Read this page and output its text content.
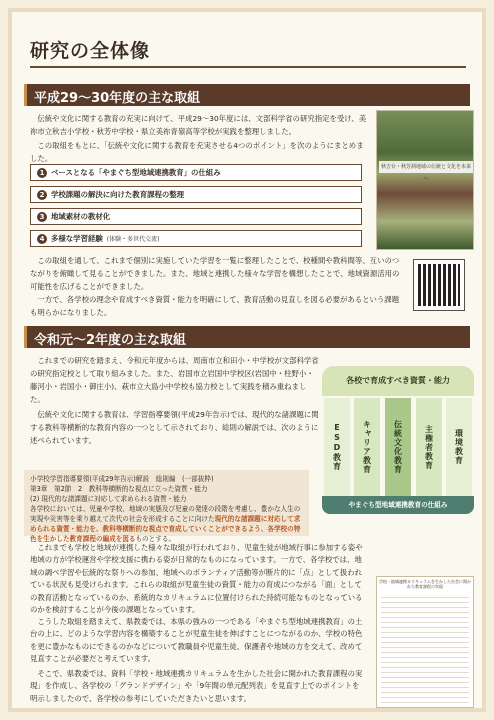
研究の全体像
平成29～30年度の主な取組

伝統や文化に関する教育の充実に向けて、平成29～30年度には、文部科学省の研究指定を受け、美祢市立秋吉小学校・秋芳中学校・県立美祢青嶺高等学校が実践を整理しました。

この取組をもとに、「伝統や文化に関する教育を充実させる4つのポイント」を次のようにまとめました。

1 ベースとなる「やまぐち型地域連携教育」の仕組み
2 学校課題の解決に向けた教育課程の整理
3 地域素材の教材化
4 多様な学習経験 (体験・多世代交流)

この取組を通して、これまで個別に実施していた学習を一覧に整理したことで、校種間や教科間等、互いのつながりを俯瞰して見ることができました。また、地域と連携した様々な学習を構想したことで、地域資源活用の可能性を広げることができました。

一方で、各学校の理念や育成すべき資質・能力を明確にして、教育活動の見直しを図る必要があるという課題も明らかになりました。

秋吉台・秋芳洞地域の伝統と文化を未来へ
令和元～2年度の主な取組

これまでの研究を踏まえ、令和元年度からは、周南市立和田小・中学校が文部科学省の研究指定校として取り組みました。また、岩国市立岩国中学校区(岩国中・柱野小・藤河小・岩国小・御庄小)、萩市立大島小中学校も協力校として実践を積み重ねました。

伝統や文化に関する教育は、学習指導要領(平成29年告示)では、現代的な諸課題に関する教科等横断的な教育内容の一つとして示されており、総則の解説では、次のように述べられています。

小学校学習指導要領(平成29年告示)解説　総則編　(一部抜粋)
第3章　第2節　2　教科等横断的な視点に立った資質・能力
(2) 現代的な諸課題に対応して求められる資質・能力
各学校においては、児童や学校、地域の実態及び児童の発達の段階を考慮し、豊かな人生の実現や災害等を乗り越えて次代の社会を形成することに向けた現代的な諸課題に対応して求められる資質・能力を、教科等横断的な視点で育成していくことができるよう、各学校の特色を生かした教育課程の編成を図るものとする。
各校で育成すべき資質・能力
ESD教育	キャリア教育	伝統文化教育	主権者教育	環境教育
やまぐち型地域連携教育の仕組み

これまでも学校と地域が連携した様々な取組が行われており、児童生徒が地域行事に参加する姿や地域の方が学校運営や学校支援に携わる姿が日常的なものになっています。一方で、各学校では、地域の調べ学習や伝統的な祭りへの参加、地域へのボランティア活動等が断片的に「点」として扱われている状況も見受けられます。これらの取組が児童生徒の資質・能力の育成につながる「面」としての教育活動となっているのか、系統的なカリキュラムに位置付けられた持続可能なものとなっているのかを検討することが今後の課題となっています。

こうした取組を踏まえて、県教委では、本県の強みの一つである「やまぐち型地域連携教育」の土台の上に、どのような学習内容を構築することが児童生徒を伸ばすことにつながるのか、学校の特色を更に豊かなものにできるのかなどについて教職員や児童生徒、保護者や地域の方を交えて、改めて見直すことが必要だと考えています。

そこで、県教委では、資料「学校・地域連携カリキュラムを生かした社会に開かれた教育課程の実現」を作成し、各学校の「グランドデザイン」や「9年間の単元配列表」を見直す上でのポイントを明示しましたので、各学校の参考にしていただきたいと思います。

学校・地域連携カリキュラムを生かした社会に開かれた教育課程の実現
